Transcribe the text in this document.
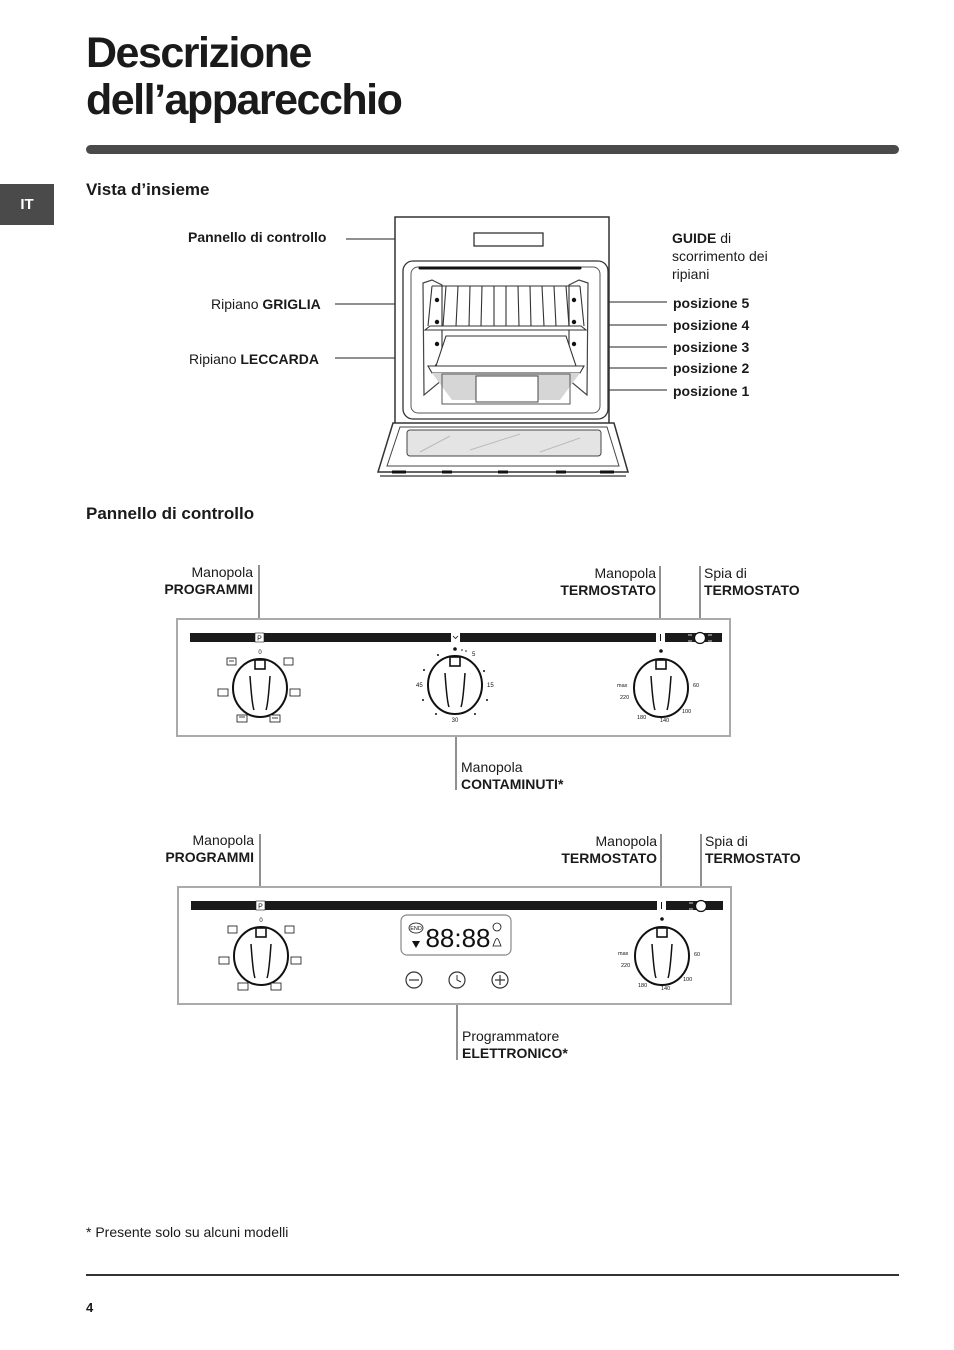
Descrizione
dell’apparecchio
IT
Vista d’insieme
Pannello di controllo
Ripiano GRIGLIA
Ripiano LECCARDA
GUIDE di
scorrimento dei
ripiani
posizione 5
posizione 4
posizione 3
posizione 2
posizione 1
Pannello di controllo
Manopola
PROGRAMMI
Manopola
TERMOSTATO
Spia di
TERMOSTATO
Manopola
CONTAMINUTI*
Manopola
PROGRAMMI
Manopola
TERMOSTATO
Spia di
TERMOSTATO
Programmatore
ELETTRONICO*
P
0	5
15
30
45	max
220
180	140
100
60
P
0
END 88:88
max
220
180	140
100
60
* Presente solo su alcuni modelli
4
